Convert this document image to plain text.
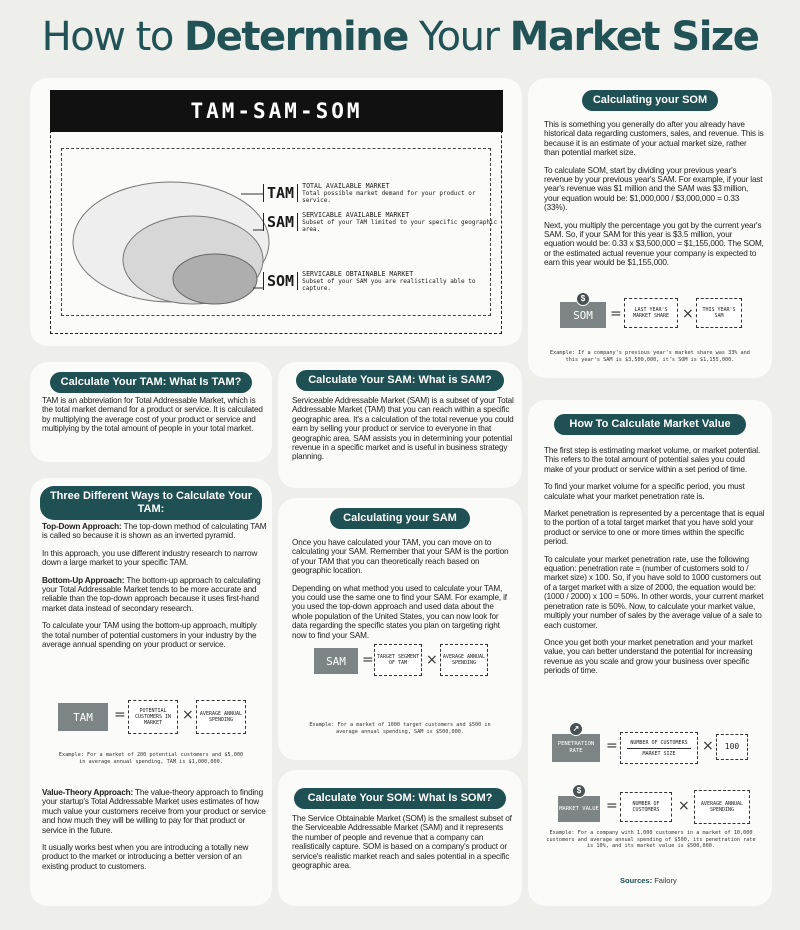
How to Determine Your Market Size
TAM-SAM-SOM
TAM	TOTAL AVAILABLE MARKET
Total possible market demand for your product or service.
SAM	SERVICABLE AVAILABLE MARKET
Subset of your TAM limited to your specific geographic area.
SOM	SERVICABLE OBTAINABLE MARKET
Subset of your SAM you are realistically able to capture.
Calculate Your TAM: What Is TAM?
TAM is an abbreviation for Total Addressable Market, which is the total market demand for a product or service. It is calculated by multiplying the average cost of your product or service and multiplying by the total amount of people in your total market.
Three Different Ways to Calculate Your TAM:

Top-Down Approach: The top-down method of calculating TAM is called so because it is shown as an inverted pyramid.

In this approach, you use different industry research to narrow down a large market to your specific TAM.

Bottom-Up Approach: The bottom-up approach to calculating your Total Addressable Market tends to be more accurate and reliable than the top-down approach because it uses first-hand market data instead of secondary research.

To calculate your TAM using the bottom-up approach, multiply the total number of potential customers in your industry by the average annual spending on your product or service.

TAM	=	POTENTIAL CUSTOMERS IN MARKET	×	AVERAGE ANNUAL SPENDING
Example: For a market of 200 potential customers and $5,000 in average annual spending, TAM is $1,000,000.

Value-Theory Approach: The value-theory approach to finding your startup's Total Addressable Market uses estimates of how much value your customers receive from your product or service and how much they will be willing to pay for that product or service in the future.

It usually works best when you are introducing a totally new product to the market or introducing a better version of an existing product to customers.

Calculate Your SAM: What is SAM?
Serviceable Addressable Market (SAM) is a subset of your Total Addressable Market (TAM) that you can reach within a specific geographic area. It's a calculation of the total revenue you could earn by selling your product or service to everyone in that geographic area. SAM assists you in determining your potential revenue in a specific market and is useful in business strategy planning.
Calculating your SAM

Once you have calculated your TAM, you can move on to calculating your SAM. Remember that your SAM is the portion of your TAM that you can theoretically reach based on geographic location.

Depending on what method you used to calculate your TAM, you could use the same one to find your SAM. For example, if you used the top-down approach and used data about the whole population of the United States, you can now look for data regarding the specific states you plan on targeting right now to find your SAM.

SAM	= TARGET SEGMENT OF TAM	×	AVERAGE ANNUAL SPENDING
Example: For a market of 1000 target customers and $500 in average annual spending, SAM is $500,000.
Calculate Your SOM: What Is SOM?
The Service Obtainable Market (SOM) is the smallest subset of the Serviceable Addressable Market (SAM) and it represents the number of people and revenue that a company can realistically capture. SOM is based on a company's product or service's realistic market reach and sales potential in a specific geographic area.
Calculating your SOM

This is something you generally do after you already have historical data regarding customers, sales, and revenue. This is because it is an estimate of your actual market size, rather than potential market size.

To calculate SOM, start by dividing your previous year's revenue by your previous year's SAM. For example, if your last year's revenue was $1 million and the SAM was $3 million, your equation would be: $1,000,000 / $3,000,000 = 0.33 (33%).

Next, you multiply the percentage you got by the current year's SAM. So, if your SAM for this year is $3.5 million, your equation would be: 0.33 x $3,500,000 = $1,155,000. The SOM, or the estimated actual revenue your company is expected to earn this year would be $1,155,000.

SOM
$
=	LAST YEAR'S MARKET SHARE ×	THIS YEAR'S SAM
Example: If a company's previous year's market share was 33% and this year's SAM is $3,500,000, it's SOM is $1,155,000.
How To Calculate Market Value

The first step is estimating market volume, or market potential. This refers to the total amount of potential sales you could make of your product or service within a set period of time.

To find your market volume for a specific period, you must calculate what your market penetration rate is.

Market penetration is represented by a percentage that is equal to the portion of a total target market that you have sold your product or service to one or more times within the specific period.

To calculate your market penetration rate, use the following equation: penetration rate = (number of customers sold to / market size) x 100. So, if you have sold to 1000 customers out of a target market with a size of 2000, the equation would be: (1000 / 2000) x 100 = 50%. In other words, your current market penetration rate is 50%. Now, to calculate your market value, multiply your number of sales by the average value of a sale to each customer.

Once you get both your market penetration and your market value, you can better understand the potential for increasing revenue as you scale and grow your business over specific periods of time.

PENETRATION RATE
↗
=	NUMBER OF CUSTOMERS
MARKET SIZE ×	100
MARKET VALUE
$
=	NUMBER OF CUSTOMERS	×	AVERAGE ANNUAL SPENDING
Example: For a company with 1,000 customers in a market of 10,000 customers and average annual spending of $500, its penetration rate is 10%, and its market value is $500,000.
Sources: Failory
